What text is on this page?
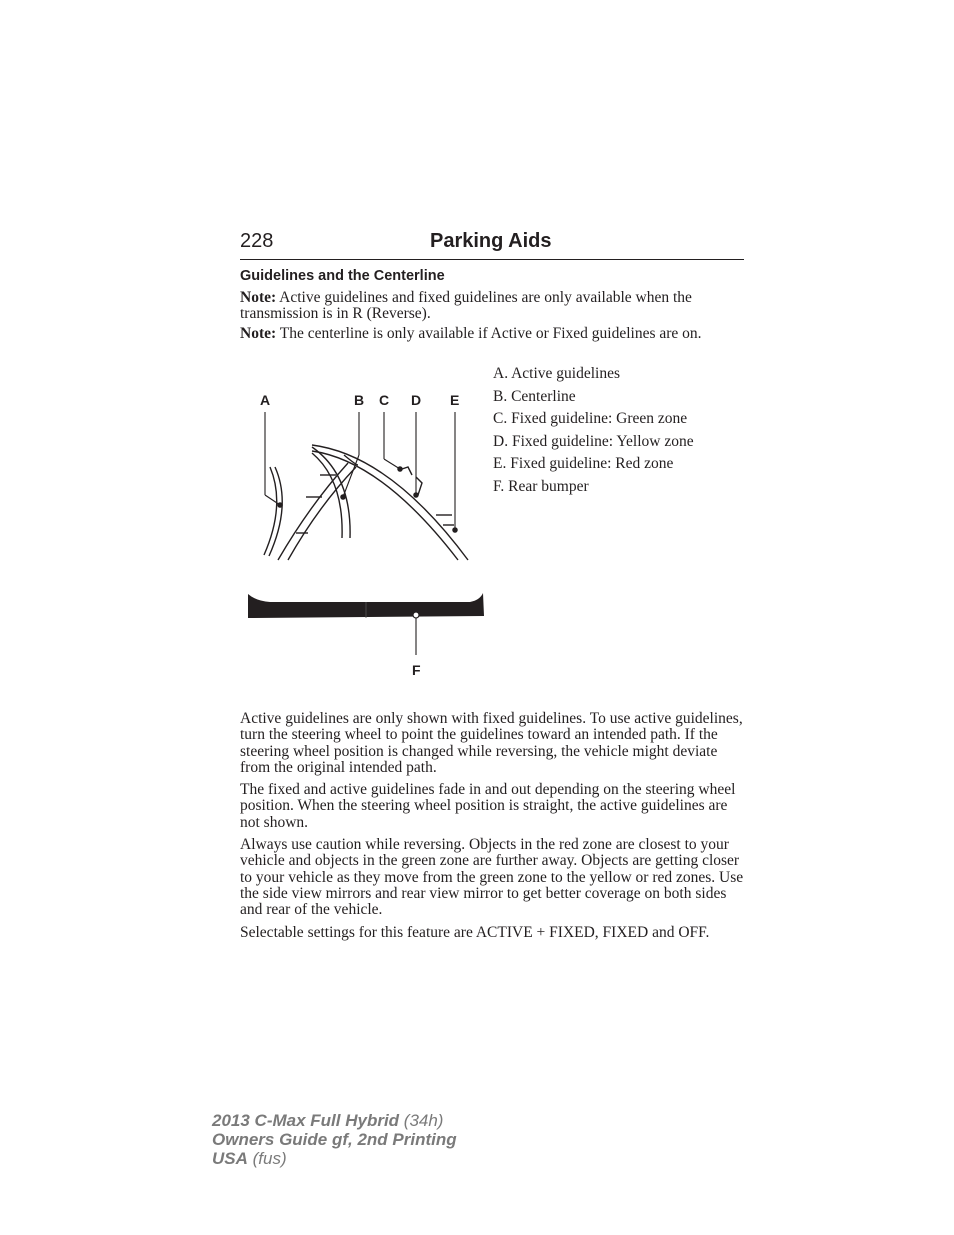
228	Parking Aids
Guidelines and the Centerline
Note: Active guidelines and fixed guidelines are only available when the transmission is in R (Reverse).
Note: The centerline is only available if Active or Fixed guidelines are on.
A. Active guidelines
B. Centerline
C. Fixed guideline: Green zone
D. Fixed guideline: Yellow zone
E. Fixed guideline: Red zone
F. Rear bumper
A	B C D E
F
Active guidelines are only shown with fixed guidelines. To use active guidelines, turn the steering wheel to point the guidelines toward an intended path. If the steering wheel position is changed while reversing, the vehicle might deviate from the original intended path.
The fixed and active guidelines fade in and out depending on the steering wheel position. When the steering wheel position is straight, the active guidelines are not shown.
Always use caution while reversing. Objects in the red zone are closest to your vehicle and objects in the green zone are further away. Objects are getting closer to your vehicle as they move from the green zone to the yellow or red zones. Use the side view mirrors and rear view mirror to get better coverage on both sides and rear of the vehicle.
Selectable settings for this feature are ACTIVE + FIXED, FIXED and OFF.
2013 C-Max Full Hybrid (34h)
Owners Guide gf, 2nd Printing
USA (fus)
